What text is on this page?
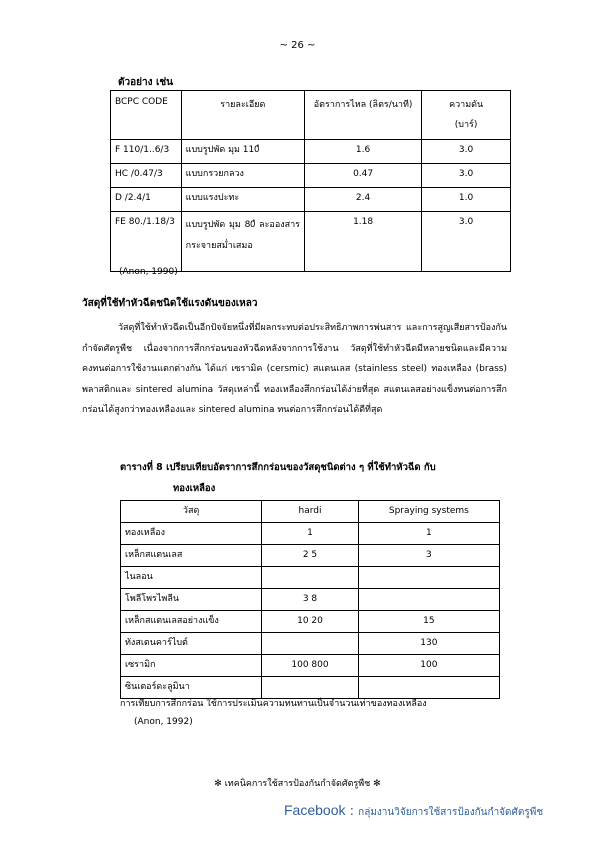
~ 26 ~
ตัวอย่าง เช่น
BCPC CODE	รายละเอียด	อัตราการไหล (ลิตร/นาที)	ความดัน
(บาร์)

F 110/1..6/3	แบบรูปพัด มุม 110ํ	1.6	3.0
HC /0.47/3	แบบกรวยกลวง	0.47	3.0
D /2.4/1	แบบแรงปะทะ	2.4	1.0
FE 80./1.18/3	แบบรูปพัด มุม 80ํ ละอองสารกระจายสม่ำเสมอ	1.18	3.0
(Anon, 1990)
วัสดุที่ใช้ทำหัวฉีดชนิดใช้แรงดันของเหลว
วัสดุที่ใช้ทำหัวฉีดเป็นอีกปัจจัยหนึ่งที่มีผลกระทบต่อประสิทธิภาพการพ่นสาร และการสูญเสียสารป้องกันกำจัดศัตรูพืช เนื่องจากการสึกกร่อนของหัวฉีดหลังจากการใช้งาน วัสดุที่ใช้ทำหัวฉีดมีหลายชนิดและมีความคงทนต่อการใช้งานแตกต่างกัน ได้แก่ เซรามิค (cersmic) สแตนเลส (stainless steel) ทองเหลือง (brass) พลาสติกและ sintered alumina วัสดุเหล่านี้ ทองเหลืองสึกกร่อนได้ง่ายที่สุด สแตนเลสอย่างแข็งทนต่อการสึกกร่อนได้สูงกว่าทองเหลืองและ sintered alumina ทนต่อการสึกกร่อนได้ดีที่สุด
ตารางที่ 8 เปรียบเทียบอัตราการสึกกร่อนของวัสดุชนิดต่าง ๆ ที่ใช้ทำหัวฉีด กับ
ทองเหลือง
วัสดุ	hardi	Spraying systems
ทองเหลือง	1	1
เหล็กสแตนเลส	2 5	3
ไนลอน		
โพลีโพรไพลีน	3 8	
เหล็กสแตนเลสอย่างแข็ง	10 20	15
ทังสเตนคาร์ไบต์		130
เซรามิก	100 800	100
ซินเตอร์ดะลูมินา		
การเทียบการสึกกร่อน ใช้การประเมินความทนทานเป็นจำนวนเท่าของทองเหลือง
(Anon, 1992)
✻ เทคนิคการใช้สารป้องกันกำจัดศัตรูพืช ✻
Facebook : กลุ่มงานวิจัยการใช้สารป้องกันกำจัดศัตรูพืช
